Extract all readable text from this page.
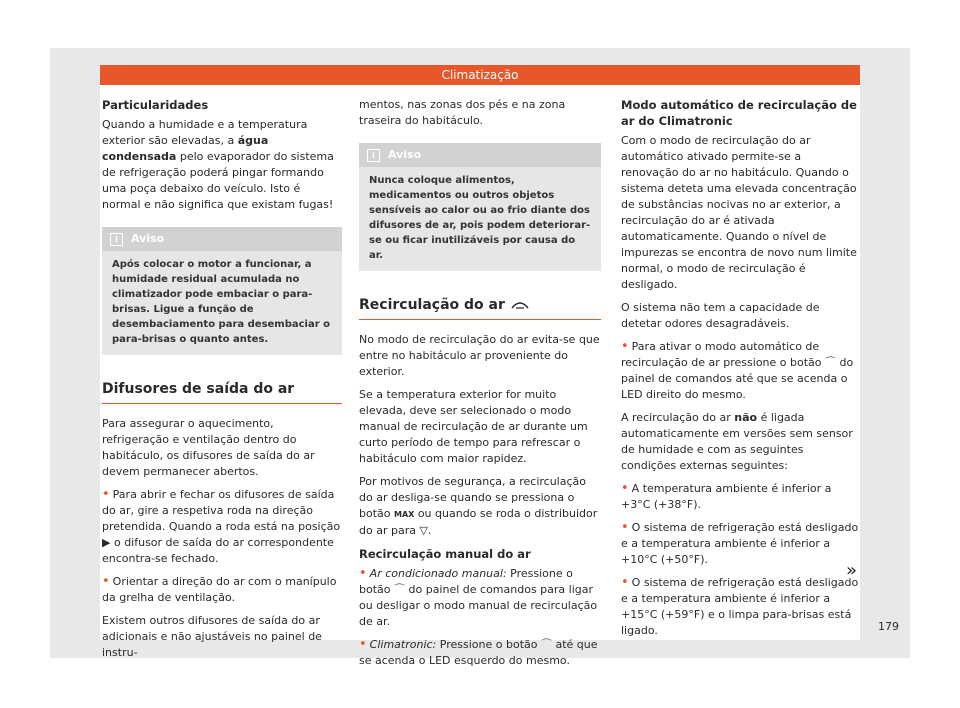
Climatização

Particularidades

Quando a humidade e a temperatura exterior são elevadas, a água condensada pelo evaporador do sistema de refrigeração poderá pingar formando uma poça debaixo do veículo. Isto é normal e não significa que existam fugas!

i	Aviso
Após colocar o motor a funcionar, a humidade residual acumulada no climatizador pode embaciar o para-brisas. Ligue a função de desembaciamento para desembaciar o para-brisas o quanto antes.
Difusores de saída do ar

Para assegurar o aquecimento, refrigeração e ventilação dentro do habitáculo, os difusores de saída do ar devem permanecer abertos.

• Para abrir e fechar os difusores de saída do ar, gire a respetiva roda na direção pretendida. Quando a roda está na posição ▶ o difusor de saída do ar correspondente encontra-se fechado.

• Orientar a direção do ar com o manípulo da grelha de ventilação.

Existem outros difusores de saída do ar adicionais e não ajustáveis no painel de instru-

mentos, nas zonas dos pés e na zona traseira do habitáculo.

i	Aviso
Nunca coloque alimentos, medicamentos ou outros objetos sensíveis ao calor ou ao frio diante dos difusores de ar, pois podem deteriorar-se ou ficar inutilizáveis por causa do ar.
Recirculação do ar

No modo de recirculação do ar evita-se que entre no habitáculo ar proveniente do exterior.

Se a temperatura exterior for muito elevada, deve ser selecionado o modo manual de recirculação de ar durante um curto período de tempo para refrescar o habitáculo com maior rapidez.

Por motivos de segurança, a recirculação do ar desliga-se quando se pressiona o botão MAX ou quando se roda o distribuidor do ar para ▽.

Recirculação manual do ar

• Ar condicionado manual: Pressione o botão ⌒ do painel de comandos para ligar ou desligar o modo manual de recirculação de ar.

• Climatronic: Pressione o botão ⌒ até que se acenda o LED esquerdo do mesmo.

Modo automático de recirculação de ar do Climatronic

Com o modo de recirculação do ar automático ativado permite-se a renovação do ar no habitáculo. Quando o sistema deteta uma elevada concentração de substâncias nocivas no ar exterior, a recirculação do ar é ativada automaticamente. Quando o nível de impurezas se encontra de novo num limite normal, o modo de recirculação é desligado.

O sistema não tem a capacidade de detetar odores desagradáveis.

• Para ativar o modo automático de recirculação de ar pressione o botão ⌒ do painel de comandos até que se acenda o LED direito do mesmo.

A recirculação do ar não é ligada automaticamente em versões sem sensor de humidade e com as seguintes condições externas seguintes:

• A temperatura ambiente é inferior a +3°C (+38°F).

• O sistema de refrigeração está desligado e a temperatura ambiente é inferior a +10°C (+50°F).

• O sistema de refrigeração está desligado e a temperatura ambiente é inferior a +15°C (+59°F) e o limpa para-brisas está ligado.

»
179
